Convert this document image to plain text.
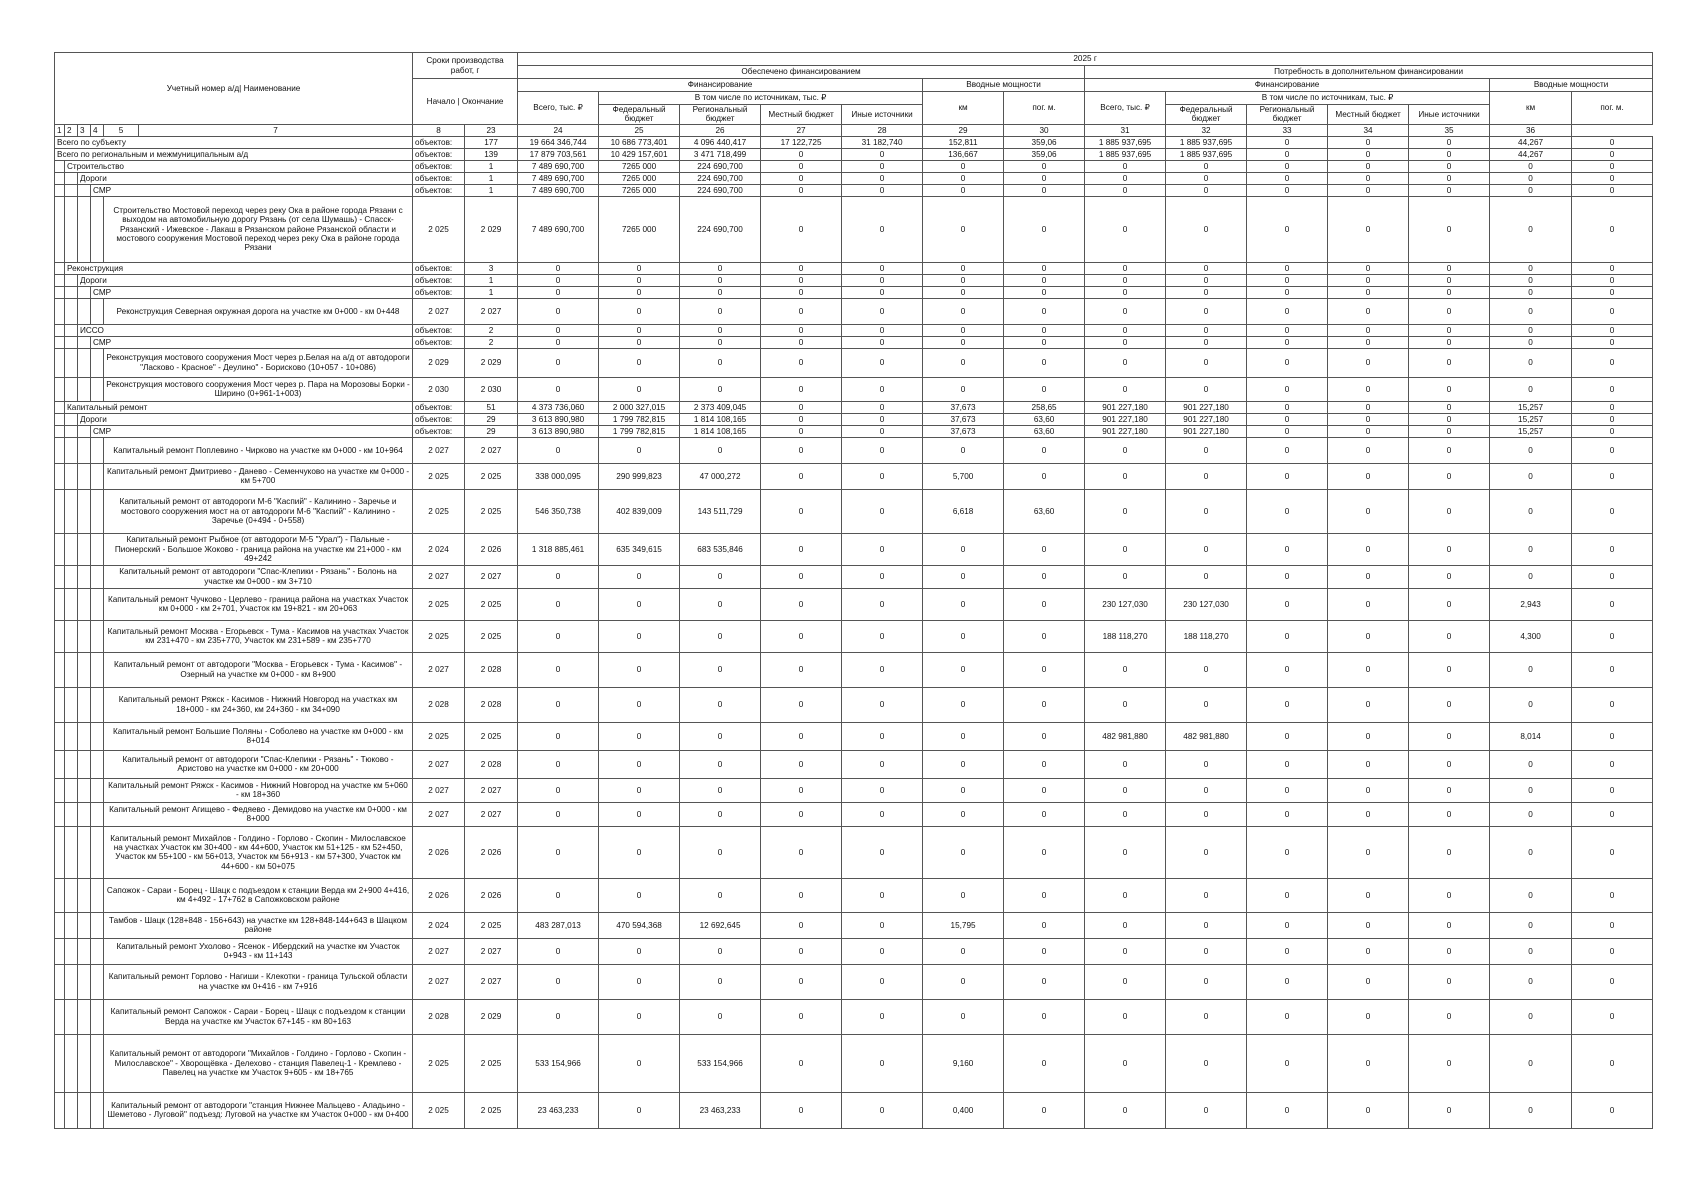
Учетный номер а/д| Наименование						Сроки производства работ, г		2025 г													
								Обеспечено финансированием							Потребность в дополнительном финансировании						
						Начало | Окончание		Финансирование					Вводные мощности		Финансирование					Вводные мощности	
								Всего, тыс. ₽	В том числе по источникам, тыс. ₽				км	пог. м.	Всего, тыс. ₽	В том числе по источникам, тыс. ₽				км	пог. м.
									Федеральный бюджет	Региональный бюджет	Местный бюджет	Иные источники				Федеральный бюджет	Региональный бюджет	Местный бюджет	Иные источники		
1	2	3	4	5	7	8	23	24	25	26	27	28	29	30	31	32	33	34	35	36	
Всего по субъекту						объектов:	177	19 664 346,744	10 686 773,401	4 096 440,417	17 122,725	31 182,740	152,811	359,06	1 885 937,695	1 885 937,695	0	0	0	44,267	0
Всего по региональным и межмуниципальным а/д						объектов:	139	17 879 703,561	10 429 157,601	3 471 718,499	0	0	136,667	359,06	1 885 937,695	1 885 937,695	0	0	0	44,267	0
	Строительство					объектов:	1	7 489 690,700	7265 000	224 690,700	0	0	0	0	0	0	0	0	0	0	0
		Дороги				объектов:	1	7 489 690,700	7265 000	224 690,700	0	0	0	0	0	0	0	0	0	0	0
			СМР			объектов:	1	7 489 690,700	7265 000	224 690,700	0	0	0	0	0	0	0	0	0	0	0
				Строительство Мостовой переход через реку Ока в районе города Рязани с выходом на автомобильную дорогу Рязань (от села Шумашь) - Спасск-Рязанский - Ижевское - Лакаш в Рязанском районе Рязанской области и мостового сооружения Мостовой переход через реку Ока в районе города Рязани		2 025	2 029	7 489 690,700	7265 000	224 690,700	0	0	0	0	0	0	0	0	0	0	0
	Реконструкция					объектов:	3	0	0	0	0	0	0	0	0	0	0	0	0	0	0
		Дороги				объектов:	1	0	0	0	0	0	0	0	0	0	0	0	0	0	0
			СМР			объектов:	1	0	0	0	0	0	0	0	0	0	0	0	0	0	0
				Реконструкция Северная окружная дорога на участке км 0+000 - км 0+448		2 027	2 027	0	0	0	0	0	0	0	0	0	0	0	0	0	0
		ИССО				объектов:	2	0	0	0	0	0	0	0	0	0	0	0	0	0	0
			СМР			объектов:	2	0	0	0	0	0	0	0	0	0	0	0	0	0	0
				Реконструкция мостового сооружения Мост через р.Белая на а/д от автодороги "Ласково - Красное" - Деулино" - Борисково (10+057 - 10+086)		2 029	2 029	0	0	0	0	0	0	0	0	0	0	0	0	0	0
				Реконструкция мостового сооружения Мост через р. Пара на Морозовы Борки - Ширино (0+961-1+003)		2 030	2 030	0	0	0	0	0	0	0	0	0	0	0	0	0	0
	Капитальный ремонт					объектов:	51	4 373 736,060	2 000 327,015	2 373 409,045	0	0	37,673	258,65	901 227,180	901 227,180	0	0	0	15,257	0
		Дороги				объектов:	29	3 613 890,980	1 799 782,815	1 814 108,165	0	0	37,673	63,60	901 227,180	901 227,180	0	0	0	15,257	0
			СМР			объектов:	29	3 613 890,980	1 799 782,815	1 814 108,165	0	0	37,673	63,60	901 227,180	901 227,180	0	0	0	15,257	0
				Капитальный ремонт Поплевино - Чирково на участке км 0+000 - км 10+964		2 027	2 027	0	0	0	0	0	0	0	0	0	0	0	0	0	0
				Капитальный ремонт Дмитриево - Данево - Семенчуково на участке км 0+000 - км 5+700		2 025	2 025	338 000,095	290 999,823	47 000,272	0	0	5,700	0	0	0	0	0	0	0	0
				Капитальный ремонт от автодороги М-6 "Каспий" - Калинино - Заречье и мостового сооружения мост на от автодороги М-6 "Каспий" - Калинино - Заречье (0+494 - 0+558)		2 025	2 025	546 350,738	402 839,009	143 511,729	0	0	6,618	63,60	0	0	0	0	0	0	0
				Капитальный ремонт Рыбное (от автодороги М-5 "Урал") - Пальные - Пионерский - Большое Жоково - граница района на участке км 21+000 - км 49+242		2 024	2 026	1 318 885,461	635 349,615	683 535,846	0	0	0	0	0	0	0	0	0	0	0
				Капитальный ремонт от автодороги "Спас-Клепики - Рязань" - Болонь на участке км 0+000 - км 3+710		2 027	2 027	0	0	0	0	0	0	0	0	0	0	0	0	0	0
				Капитальный ремонт Чучково - Церлево - граница района на участках Участок км 0+000 - км 2+701, Участок км 19+821 - км 20+063		2 025	2 025	0	0	0	0	0	0	0	230 127,030	230 127,030	0	0	0	2,943	0
				Капитальный ремонт Москва - Егорьевск - Тума - Касимов на участках Участок км 231+470 - км 235+770, Участок км 231+589 - км 235+770		2 025	2 025	0	0	0	0	0	0	0	188 118,270	188 118,270	0	0	0	4,300	0
				Капитальный ремонт от автодороги "Москва - Егорьевск - Тума - Касимов" - Озерный на участке км 0+000 - км 8+900		2 027	2 028	0	0	0	0	0	0	0	0	0	0	0	0	0	0
				Капитальный ремонт Ряжск - Касимов - Нижний Новгород на участках км 18+000 - км 24+360, км 24+360 - км 34+090		2 028	2 028	0	0	0	0	0	0	0	0	0	0	0	0	0	0
				Капитальный ремонт Большие Поляны - Соболево на участке км 0+000 - км 8+014		2 025	2 025	0	0	0	0	0	0	0	482 981,880	482 981,880	0	0	0	8,014	0
				Капитальный ремонт от автодороги "Спас-Клепики - Рязань" - Тюково - Аристово на участке км 0+000 - км 20+000		2 027	2 028	0	0	0	0	0	0	0	0	0	0	0	0	0	0
				Капитальный ремонт Ряжск - Касимов - Нижний Новгород на участке км 5+060 - км 18+360		2 027	2 027	0	0	0	0	0	0	0	0	0	0	0	0	0	0
				Капитальный ремонт Агищево - Федяево - Демидово на участке км 0+000 - км 8+000		2 027	2 027	0	0	0	0	0	0	0	0	0	0	0	0	0	0
				Капитальный ремонт Михайлов - Голдино - Горлово - Скопин - Милославское на участках Участок км 30+400 - км 44+600, Участок км 51+125 - км 52+450, Участок км 55+100 - км 56+013, Участок км 56+913 - км 57+300, Участок км 44+600 - км 50+075		2 026	2 026	0	0	0	0	0	0	0	0	0	0	0	0	0	0
				Сапожок - Сараи - Борец - Шацк с подъездом к станции Верда км 2+900 4+416, км 4+492 - 17+762 в Сапожковском районе		2 026	2 026	0	0	0	0	0	0	0	0	0	0	0	0	0	0
				Тамбов - Шацк (128+848 - 156+643) на участке км 128+848-144+643 в Шацком районе		2 024	2 025	483 287,013	470 594,368	12 692,645	0	0	15,795	0	0	0	0	0	0	0	0
				Капитальный ремонт Ухолово - Ясенок - Ибердский на участке км Участок 0+943 - км 11+143		2 027	2 027	0	0	0	0	0	0	0	0	0	0	0	0	0	0
				Капитальный ремонт Горлово - Нагиши - Клекотки - граница Тульской области на участке км 0+416 - км 7+916		2 027	2 027	0	0	0	0	0	0	0	0	0	0	0	0	0	0
				Капитальный ремонт Сапожок - Сараи - Борец - Шацк с подъездом к станции Верда на участке км Участок 67+145 - км 80+163		2 028	2 029	0	0	0	0	0	0	0	0	0	0	0	0	0	0
				Капитальный ремонт от автодороги "Михайлов - Голдино - Горлово - Скопин - Милославское" - Хворощёвка - Делехово - станция Павелец-1 - Кремлево - Павелец на участке км Участок 9+605 - км 18+765		2 025	2 025	533 154,966	0	533 154,966	0	0	9,160	0	0	0	0	0	0	0	0
				Капитальный ремонт от автодороги "станция Нижнее Мальцево - Аладьино - Шеметово - Луговой" подъезд: Луговой на участке км Участок 0+000 - км 0+400		2 025	2 025	23 463,233	0	23 463,233	0	0	0,400	0	0	0	0	0	0	0	0
